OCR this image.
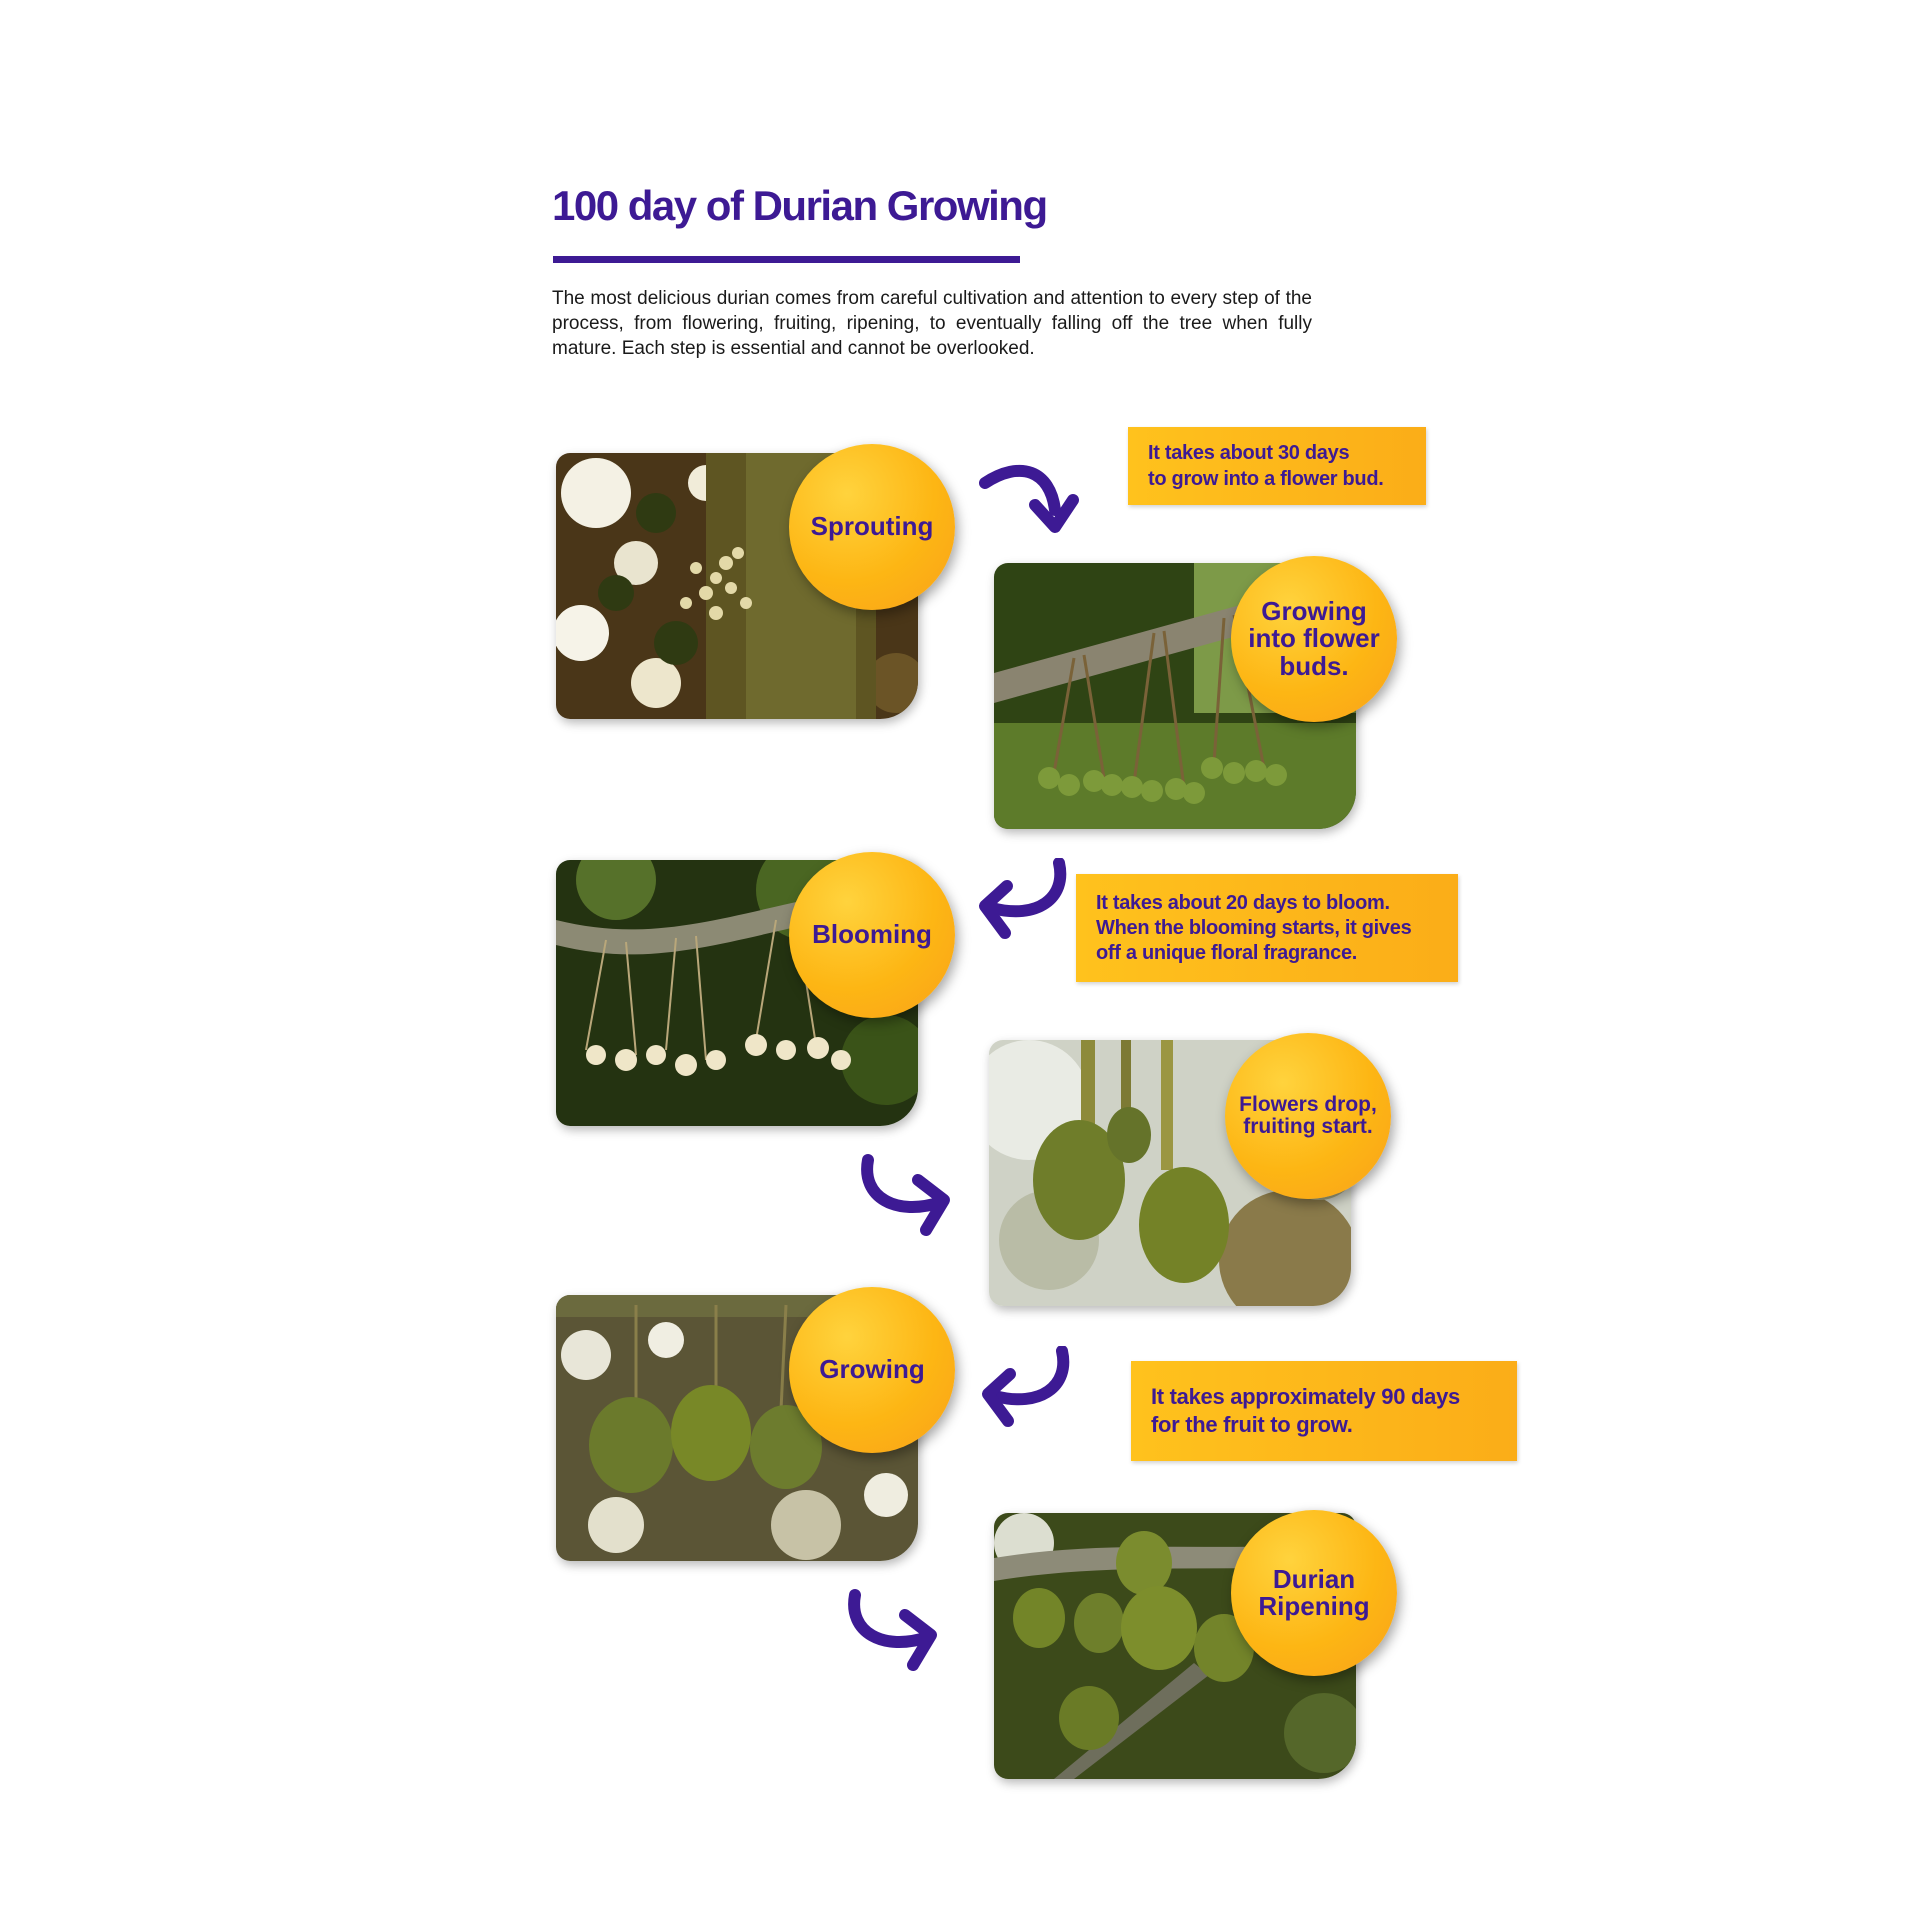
100 day of Durian Growing

The most delicious durian comes from careful cultivation and attention to every step of the process, from flowering, fruiting, ripening, to eventually falling off the tree when fully mature. Each step is essential and cannot be overlooked.

Sprouting
It takes about 30 days
to grow into a flower bud.
Growing
into flower
buds.
It takes about 20 days to bloom.
When the blooming starts, it gives
off a unique floral fragrance.
Blooming
Flowers drop,
fruiting start.
It takes approximately 90 days
for the fruit to grow.
Growing
Durian
Ripening
